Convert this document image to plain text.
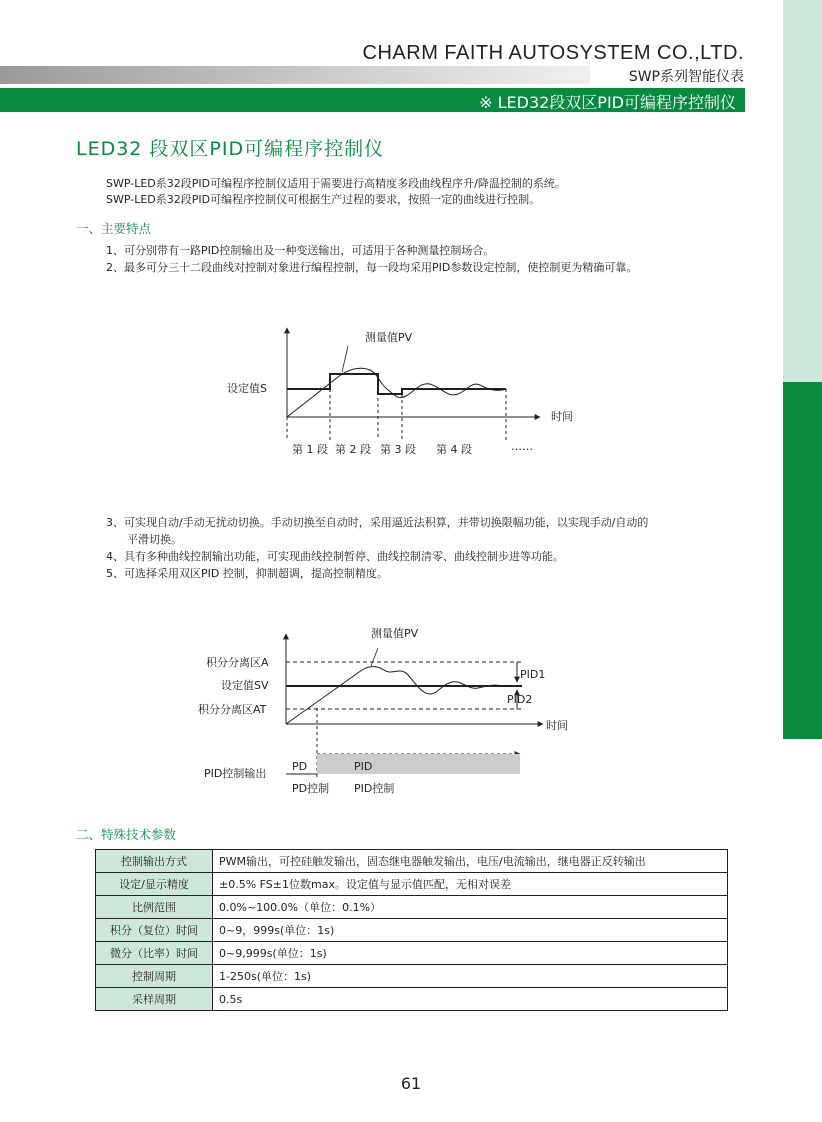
CHARM FAITH AUTOSYSTEM CO.,LTD.
SWP系列智能仪表
※ LED32段双区PID可编程序控制仪
LED32 段双区PID可编程序控制仪
SWP-LED系32段PID可编程序控制仪适用于需要进行高精度多段曲线程序升/降温控制的系统。
SWP-LED系32段PID可编程序控制仪可根据生产过程的要求，按照一定的曲线进行控制。
一、主要特点
1、可分别带有一路PID控制输出及一种变送输出，可适用于各种测量控制场合。
2、最多可分三十二段曲线对控制对象进行编程控制，每一段均采用PID参数设定控制，使控制更为精确可靠。
测量值PV
设定值S
时间
第 1 段 第 2 段 第 3 段 第 4 段	……
3、可实现自动/手动无扰动切换。手动切换至自动时，采用逼近法积算，并带切换限幅功能，以实现手动/自动的
平滑切换。
4、具有多种曲线控制输出功能，可实现曲线控制暂停、曲线控制清零、曲线控制步进等功能。
5、可选择采用双区PID 控制，抑制超调，提高控制精度。
测量值PV
积分分离区A
设定值SV
积分分离区AT
PID1
PID2
时间
PID控制输出
PD	PID
PD控制 PID控制
二、特殊技术参数
控制输出方式	PWM输出，可控硅触发输出，固态继电器触发输出，电压/电流输出，继电器正反转输出
设定/显示精度	±0.5% FS±1位数max。设定值与显示值匹配，无相对误差
比例范围	0.0%~100.0%（单位：0.1%）
积分（复位）时间	0~9，999s(单位：1s)
微分（比率）时间	0~9,999s(单位：1s)
控制周期	1-250s(单位：1s)
采样周期	0.5s
61
